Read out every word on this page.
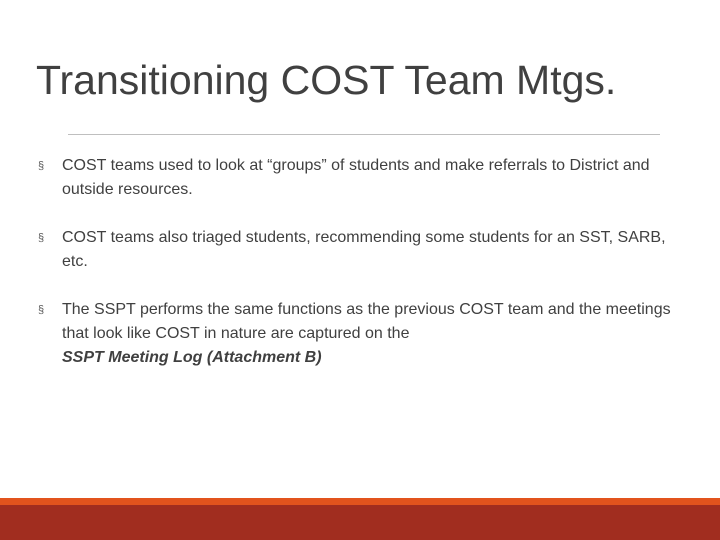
Transitioning COST Team Mtgs.
§ COST teams used to look at “groups” of students and make referrals to District and outside resources.
§ COST teams also triaged students, recommending some students for an SST, SARB, etc.
§ The SSPT performs the same functions as the previous COST team and the meetings that look like COST in nature are captured on the
SSPT Meeting Log (Attachment B)
